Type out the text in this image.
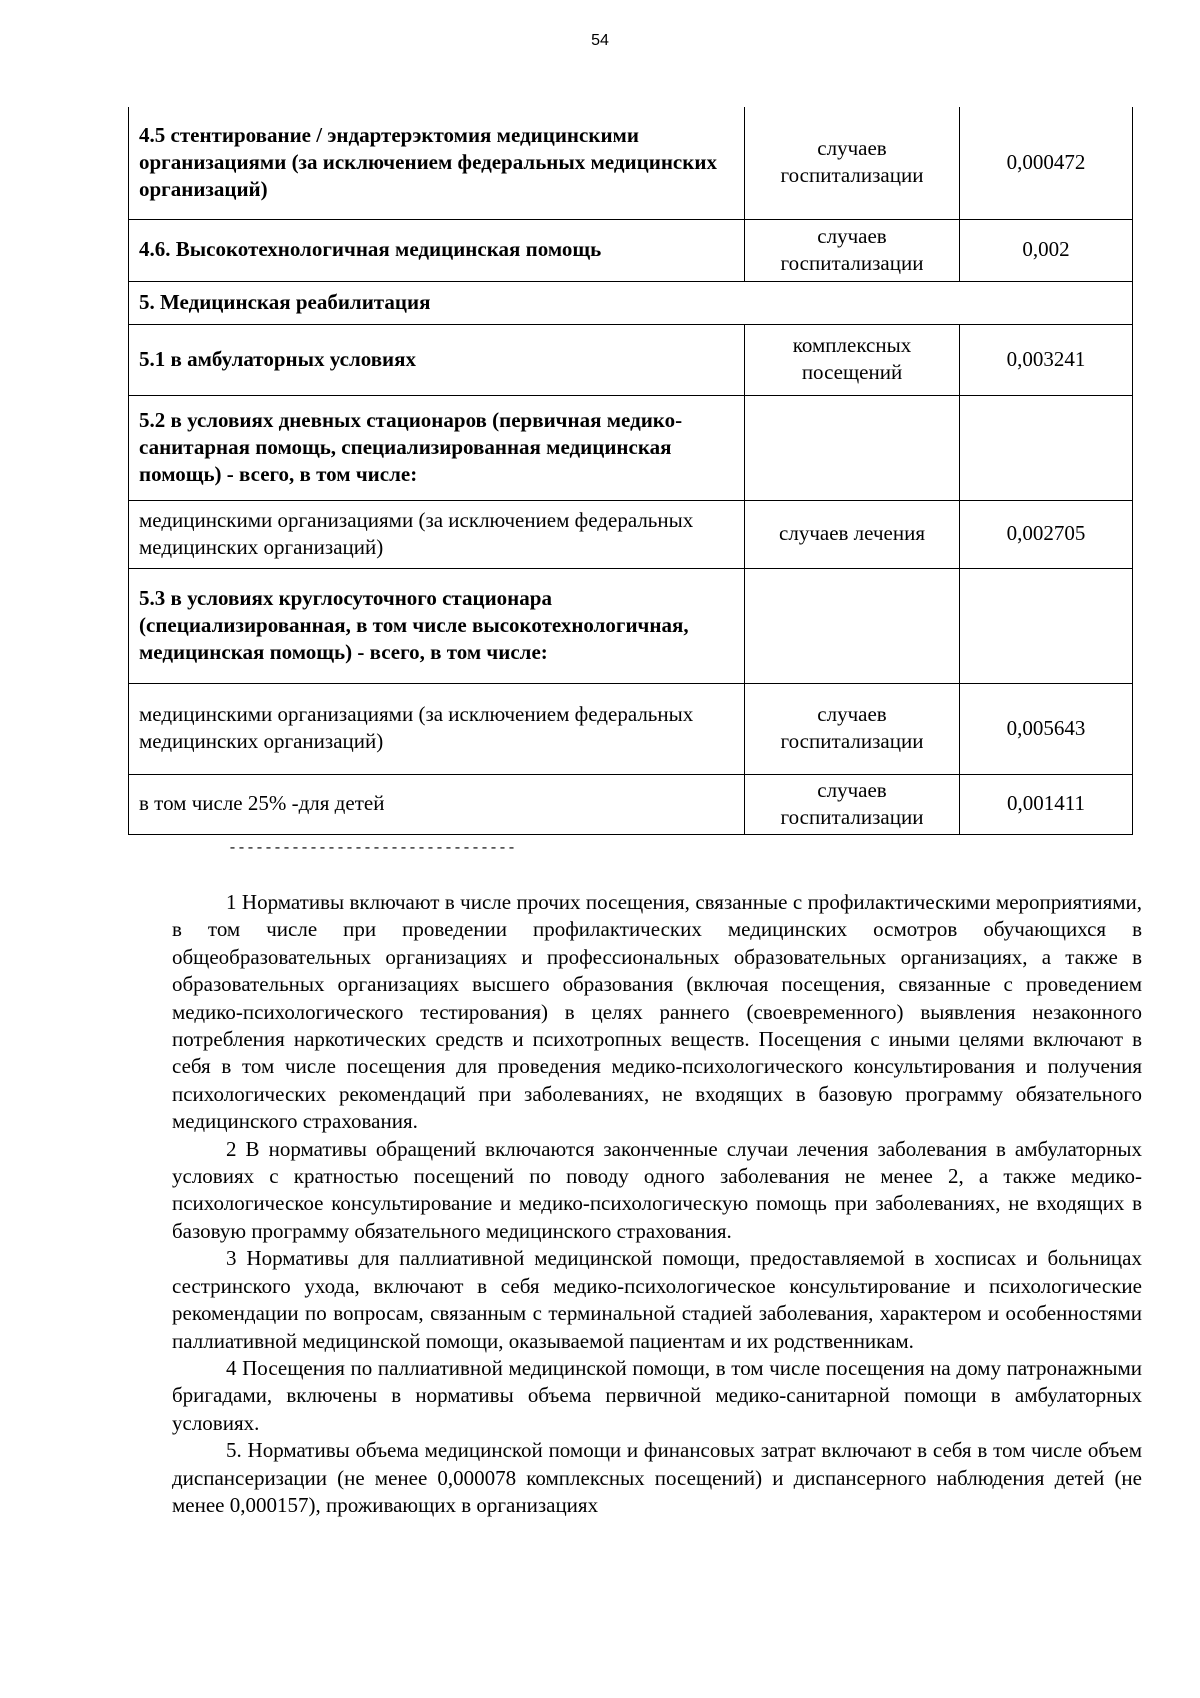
54
4.5 стентирование / эндартерэктомия медицинскими организациями (за исключением федеральных медицинских организаций)	случаев госпитализации	0,000472
4.6. Высокотехнологичная медицинская помощь	случаев госпитализации	0,002
5. Медицинская реабилитация		
5.1 в амбулаторных условиях	комплексных посещений	0,003241
5.2 в условиях дневных стационаров (первичная медико-санитарная помощь, специализированная медицинская помощь) - всего, в том числе:		
медицинскими организациями (за исключением федеральных медицинских организаций)	случаев лечения	0,002705
5.3 в условиях круглосуточного стационара (специализированная, в том числе высокотехнологичная, медицинская помощь) - всего, в том числе:		
медицинскими организациями (за исключением федеральных медицинских организаций)	случаев госпитализации	0,005643
в том числе 25% -для детей	случаев госпитализации	0,001411
--------------------------------

1 Нормативы включают в числе прочих посещения, связанные с профилактическими мероприятиями, в том числе при проведении профилактических медицинских осмотров обучающихся в общеобразовательных организациях и профессиональных образовательных организациях, а также в образовательных организациях высшего образования (включая посещения, связанные с проведением медико-психологического тестирования) в целях раннего (своевременного) выявления незаконного потребления наркотических средств и психотропных веществ. Посещения с иными целями включают в себя в том числе посещения для проведения медико-психологического консультирования и получения психологических рекомендаций при заболеваниях, не входящих в базовую программу обязательного медицинского страхования.

2 В нормативы обращений включаются законченные случаи лечения заболевания в амбулаторных условиях с кратностью посещений по поводу одного заболевания не менее 2, а также медико-психологическое консультирование и медико-психологическую помощь при заболеваниях, не входящих в базовую программу обязательного медицинского страхования.

3 Нормативы для паллиативной медицинской помощи, предоставляемой в хосписах и больницах сестринского ухода, включают в себя медико-психологическое консультирование и психологические рекомендации по вопросам, связанным с терминальной стадией заболевания, характером и особенностями паллиативной медицинской помощи, оказываемой пациентам и их родственникам.

4 Посещения по паллиативной медицинской помощи, в том числе посещения на дому патронажными бригадами, включены в нормативы объема первичной медико-санитарной помощи в амбулаторных условиях.

5. Нормативы объема медицинской помощи и финансовых затрат включают в себя в том числе объем диспансеризации (не менее 0,000078 комплексных посещений) и диспансерного наблюдения детей (не менее 0,000157), проживающих в организациях
